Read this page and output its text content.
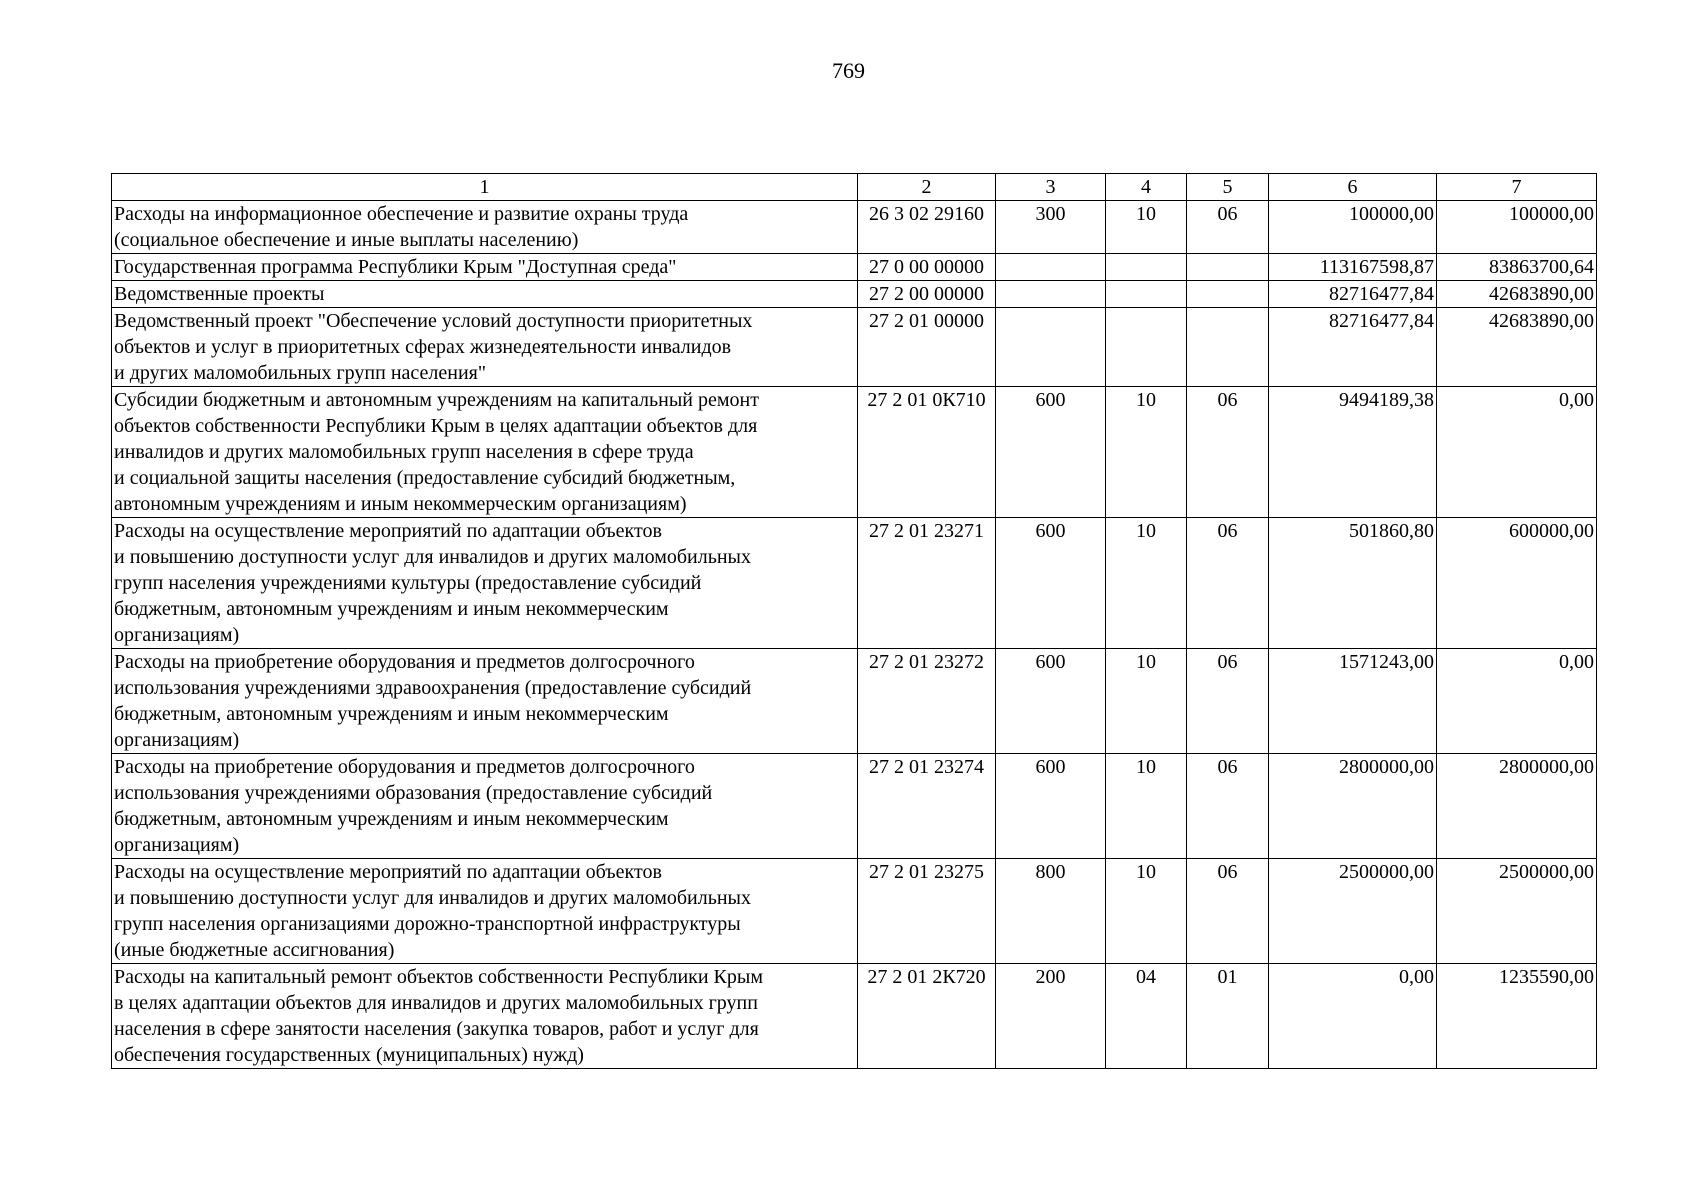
769
1	2	3	4	5	6	7

Расходы на информационное обеспечение и развитие охраны труда
(социальное обеспечение и иные выплаты населению)	26 3 02 29160	300	10	06	100000,00	100000,00

Государственная программа Республики Крым "Доступная среда"	27 0 00 00000				113167598,87	83863700,64

Ведомственные проекты	27 2 00 00000				82716477,84	42683890,00

Ведомственный проект "Обеспечение условий доступности приоритетных
объектов и услуг в приоритетных сферах жизнедеятельности инвалидов
и других маломобильных групп населения"	27 2 01 00000				82716477,84	42683890,00

Субсидии бюджетным и автономным учреждениям на капитальный ремонт
объектов собственности Республики Крым в целях адаптации объектов для
инвалидов и других маломобильных групп населения в сфере труда
и социальной защиты населения (предоставление субсидий бюджетным,
автономным учреждениям и иным некоммерческим организациям)	27 2 01 0К710	600	10	06	9494189,38	0,00

Расходы на осуществление мероприятий по адаптации объектов
и повышению доступности услуг для инвалидов и других маломобильных
групп населения учреждениями культуры (предоставление субсидий
бюджетным, автономным учреждениям и иным некоммерческим
организациям)	27 2 01 23271	600	10	06	501860,80	600000,00

Расходы на приобретение оборудования и предметов долгосрочного
использования учреждениями здравоохранения (предоставление субсидий
бюджетным, автономным учреждениям и иным некоммерческим
организациям)	27 2 01 23272	600	10	06	1571243,00	0,00

Расходы на приобретение оборудования и предметов долгосрочного
использования учреждениями образования (предоставление субсидий
бюджетным, автономным учреждениям и иным некоммерческим
организациям)	27 2 01 23274	600	10	06	2800000,00	2800000,00

Расходы на осуществление мероприятий по адаптации объектов
и повышению доступности услуг для инвалидов и других маломобильных
групп населения организациями дорожно-транспортной инфраструктуры
(иные бюджетные ассигнования)	27 2 01 23275	800	10	06	2500000,00	2500000,00

Расходы на капитальный ремонт объектов собственности Республики Крым
в целях адаптации объектов для инвалидов и других маломобильных групп
населения в сфере занятости населения (закупка товаров, работ и услуг для
обеспечения государственных (муниципальных) нужд)	27 2 01 2К720	200	04	01	0,00	1235590,00
